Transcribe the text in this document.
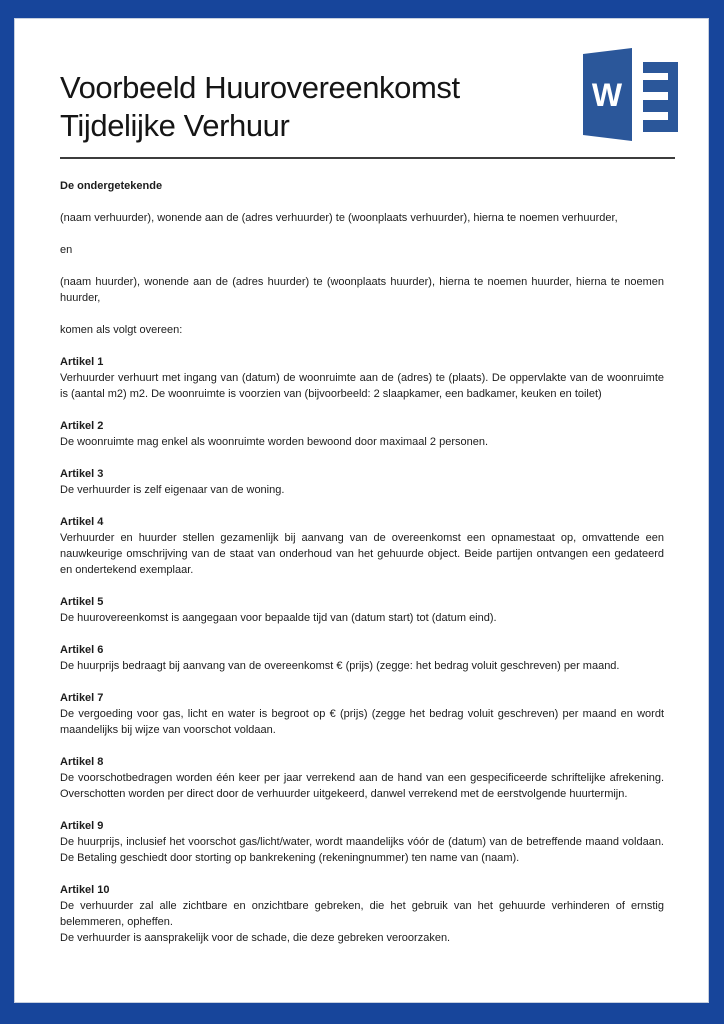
W
Voorbeeld Huurovereenkomst
Tijdelijke Verhuur

De ondergetekende

(naam verhuurder), wonende aan de (adres verhuurder) te (woonplaats verhuurder), hierna te noemen verhuurder,

en

(naam huurder), wonende aan de (adres huurder) te (woonplaats huurder), hierna te noemen huurder, hierna te noemen huurder,

komen als volgt overeen:

Artikel 1
Verhuurder verhuurt met ingang van (datum) de woonruimte aan de (adres) te (plaats). De oppervlakte van de woonruimte is (aantal m2) m2. De woonruimte is voorzien van (bijvoorbeeld: 2 slaapkamer, een badkamer, keuken en toilet)
Artikel 2
De woonruimte mag enkel als woonruimte worden bewoond door maximaal 2 personen.
Artikel 3
De verhuurder is zelf eigenaar van de woning.
Artikel 4
Verhuurder en huurder stellen gezamenlijk bij aanvang van de overeenkomst een opnamestaat op, omvattende een nauwkeurige omschrijving van de staat van onderhoud van het gehuurde object. Beide partijen ontvangen een gedateerd en ondertekend exemplaar.
Artikel 5
De huurovereenkomst is aangegaan voor bepaalde tijd van (datum start) tot (datum eind).
Artikel 6
De huurprijs bedraagt bij aanvang van de overeenkomst € (prijs) (zegge: het bedrag voluit geschreven) per maand.
Artikel 7
De vergoeding voor gas, licht en water is begroot op € (prijs) (zegge het bedrag voluit geschreven) per maand en wordt maandelijks bij wijze van voorschot voldaan.
Artikel 8
De voorschotbedragen worden één keer per jaar verrekend aan de hand van een gespecificeerde schriftelijke afrekening. Overschotten worden per direct door de verhuurder uitgekeerd, danwel verrekend met de eerstvolgende huurtermijn.
Artikel 9
De huurprijs, inclusief het voorschot gas/licht/water, wordt maandelijks vóór de (datum) van de betreffende maand voldaan. De Betaling geschiedt door storting op bankrekening (rekeningnummer) ten name van (naam).
Artikel 10
De verhuurder zal alle zichtbare en onzichtbare gebreken, die het gebruik van het gehuurde verhinderen of ernstig belemmeren, opheffen.
De verhuurder is aansprakelijk voor de schade, die deze gebreken veroorzaken.
